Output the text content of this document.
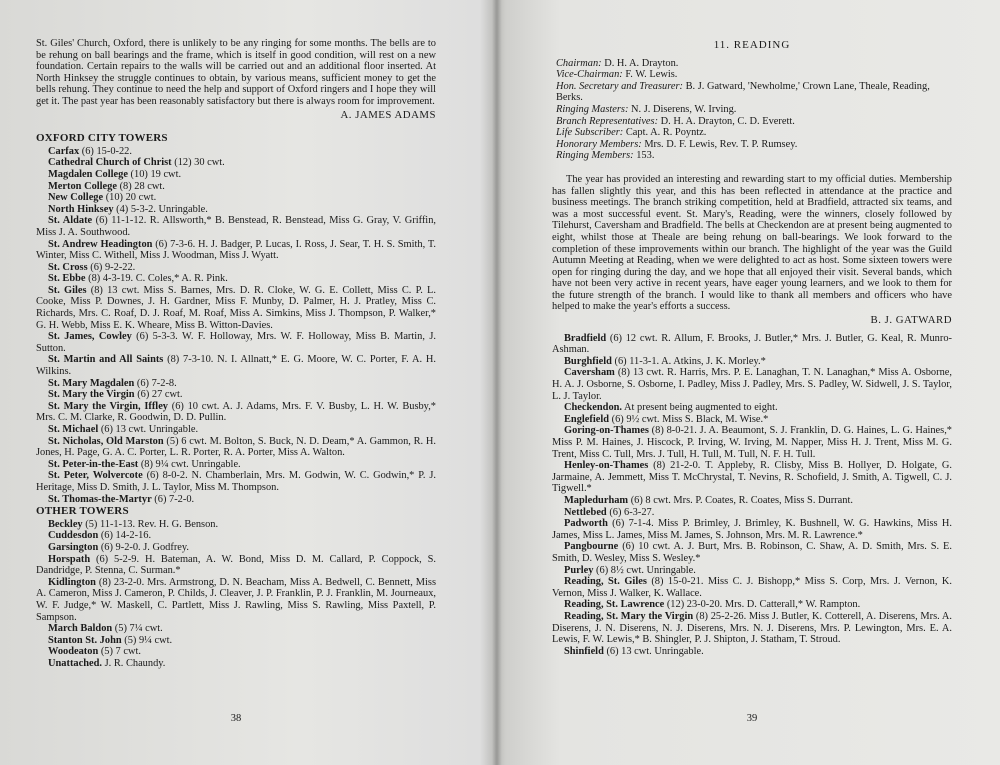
St. Giles' Church, Oxford, there is unlikely to be any ringing for some months. The bells are to be rehung on ball bearings and the frame, which is itself in good condition, will rest on a new foundation. Certain repairs to the walls will be carried out and an additional floor inserted. At North Hinksey the struggle continues to obtain, by various means, sufficient money to get the bells rehung. They continue to need the help and support of Oxford ringers and I hope they will get it. The past year has been reasonably satisfactory but there is always room for improvement.

A. JAMES ADAMS

OXFORD CITY TOWERS

Carfax (6) 15-0-22.

Cathedral Church of Christ (12) 30 cwt.

Magdalen College (10) 19 cwt.

Merton College (8) 28 cwt.

New College (10) 20 cwt.

North Hinksey (4) 5-3-2. Unringable.

St. Aldate (6) 11-1-12. R. Allsworth,* B. Benstead, R. Benstead, Miss G. Gray, V. Griffin, Miss J. A. Southwood.

St. Andrew Headington (6) 7-3-6. H. J. Badger, P. Lucas, I. Ross, J. Sear, T. H. S. Smith, T. Winter, Miss C. Withell, Miss J. Woodman, Miss J. Wyatt.

St. Cross (6) 9-2-22.

St. Ebbe (8) 4-3-19. C. Coles,* A. R. Pink.

St. Giles (8) 13 cwt. Miss S. Barnes, Mrs. D. R. Cloke, W. G. E. Collett, Miss C. P. L. Cooke, Miss P. Downes, J. H. Gardner, Miss F. Munby, D. Palmer, H. J. Pratley, Miss C. Richards, Mrs. C. Roaf, D. J. Roaf, M. Roaf, Miss A. Simkins, Miss J. Thompson, P. Walker,* G. H. Webb, Miss E. K. Wheare, Miss B. Witton-Davies.

St. James, Cowley (6) 5-3-3. W. F. Holloway, Mrs. W. F. Holloway, Miss B. Martin, J. Sutton.

St. Martin and All Saints (8) 7-3-10. N. I. Allnatt,* E. G. Moore, W. C. Porter, F. A. H. Wilkins.

St. Mary Magdalen (6) 7-2-8.

St. Mary the Virgin (6) 27 cwt.

St. Mary the Virgin, Iffley (6) 10 cwt. A. J. Adams, Mrs. F. V. Busby, L. H. W. Busby,* Mrs. C. M. Clarke, R. Goodwin, D. D. Pullin.

St. Michael (6) 13 cwt. Unringable.

St. Nicholas, Old Marston (5) 6 cwt. M. Bolton, S. Buck, N. D. Deam,* A. Gammon, R. H. Jones, H. Page, G. A. C. Porter, L. R. Porter, R. A. Porter, Miss A. Walton.

St. Peter-in-the-East (8) 9¼ cwt. Unringable.

St. Peter, Wolvercote (6) 8-0-2. N. Chamberlain, Mrs. M. Godwin, W. C. Godwin,* P. J. Heritage, Miss D. Smith, J. L. Taylor, Miss M. Thompson.

St. Thomas-the-Martyr (6) 7-2-0.

OTHER TOWERS

Beckley (5) 11-1-13. Rev. H. G. Benson.

Cuddesdon (6) 14-2-16.

Garsington (6) 9-2-0. J. Godfrey.

Horspath (6) 5-2-9. H. Bateman, A. W. Bond, Miss D. M. Callard, P. Coppock, S. Dandridge, P. Stenna, C. Surman.*

Kidlington (8) 23-2-0. Mrs. Armstrong, D. N. Beacham, Miss A. Bedwell, C. Bennett, Miss A. Cameron, Miss J. Cameron, P. Childs, J. Cleaver, J. P. Franklin, P. J. Franklin, M. Journeaux, W. F. Judge,* W. Maskell, C. Partlett, Miss J. Rawling, Miss S. Rawling, Miss Paxtell, P. Sampson.

March Baldon (5) 7¼ cwt.

Stanton St. John (5) 9¼ cwt.

Woodeaton (5) 7 cwt.

Unattached. J. R. Chaundy.

38
11. READING

Chairman: D. H. A. Drayton.

Vice-Chairman: F. W. Lewis.

Hon. Secretary and Treasurer: B. J. Gatward, 'Newholme,' Crown Lane, Theale, Reading, Berks.

Ringing Masters: N. J. Diserens, W. Irving.

Branch Representatives: D. H. A. Drayton, C. D. Everett.

Life Subscriber: Capt. A. R. Poyntz.

Honorary Members: Mrs. D. F. Lewis, Rev. T. P. Rumsey.

Ringing Members: 153.

The year has provided an interesting and rewarding start to my official duties. Membership has fallen slightly this year, and this has been reflected in attendance at the practice and business meetings. The branch striking competition, held at Bradfield, attracted six teams, and was a most successful event. St. Mary's, Reading, were the winners, closely followed by Tilehurst, Caversham and Bradfield. The bells at Checkendon are at present being augmented to eight, whilst those at Theale are being rehung on ball-bearings. We look forward to the completion of these improvements within our branch. The highlight of the year was the Guild Autumn Meeting at Reading, when we were delighted to act as host. Some sixteen towers were open for ringing during the day, and we hope that all enjoyed their visit. Several bands, which have not been very active in recent years, have eager young learners, and we look to them for the future strength of the branch. I would like to thank all members and officers who have helped to make the year's efforts a success.

B. J. GATWARD

Bradfield (6) 12 cwt. R. Allum, F. Brooks, J. Butler,* Mrs. J. Butler, G. Keal, R. Munro-Ashman.

Burghfield (6) 11-3-1. A. Atkins, J. K. Morley.*

Caversham (8) 13 cwt. R. Harris, Mrs. P. E. Lanaghan, T. N. Lanaghan,* Miss A. Osborne, H. A. J. Osborne, S. Osborne, I. Padley, Miss J. Padley, Mrs. S. Padley, W. Sidwell, J. S. Taylor, L. J. Taylor.

Checkendon. At present being augmented to eight.

Englefield (6) 9½ cwt. Miss S. Black, M. Wise.*

Goring-on-Thames (8) 8-0-21. J. A. Beaumont, S. J. Franklin, D. G. Haines, L. G. Haines,* Miss P. M. Haines, J. Hiscock, P. Irving, W. Irving, M. Napper, Miss H. J. Trent, Miss M. G. Trent, Miss C. Tull, Mrs. J. Tull, H. Tull, M. Tull, N. F. H. Tull.

Henley-on-Thames (8) 21-2-0. T. Appleby, R. Clisby, Miss B. Hollyer, D. Holgate, G. Jarmaine, A. Jemmett, Miss T. McChrystal, T. Nevins, R. Schofield, J. Smith, A. Tigwell, C. J. Tigwell.*

Mapledurham (6) 8 cwt. Mrs. P. Coates, R. Coates, Miss S. Durrant.

Nettlebed (6) 6-3-27.

Padworth (6) 7-1-4. Miss P. Brimley, J. Brimley, K. Bushnell, W. G. Hawkins, Miss H. James, Miss L. James, Miss M. James, S. Johnson, Mrs. M. R. Lawrence.*

Pangbourne (6) 10 cwt. A. J. Burt, Mrs. B. Robinson, C. Shaw, A. D. Smith, Mrs. S. E. Smith, D. Wesley, Miss S. Wesley.*

Purley (6) 8½ cwt. Unringable.

Reading, St. Giles (8) 15-0-21. Miss C. J. Bishopp,* Miss S. Corp, Mrs. J. Vernon, K. Vernon, Miss J. Walker, K. Wallace.

Reading, St. Lawrence (12) 23-0-20. Mrs. D. Catterall,* W. Rampton.

Reading, St. Mary the Virgin (8) 25-2-26. Miss J. Butler, K. Cotterell, A. Diserens, Mrs. A. Diserens, J. N. Diserens, N. J. Diserens, Mrs. N. J. Diserens, Mrs. P. Lewington, Mrs. E. A. Lewis, F. W. Lewis,* B. Shingler, P. J. Shipton, J. Statham, T. Stroud.

Shinfield (6) 13 cwt. Unringable.

39
